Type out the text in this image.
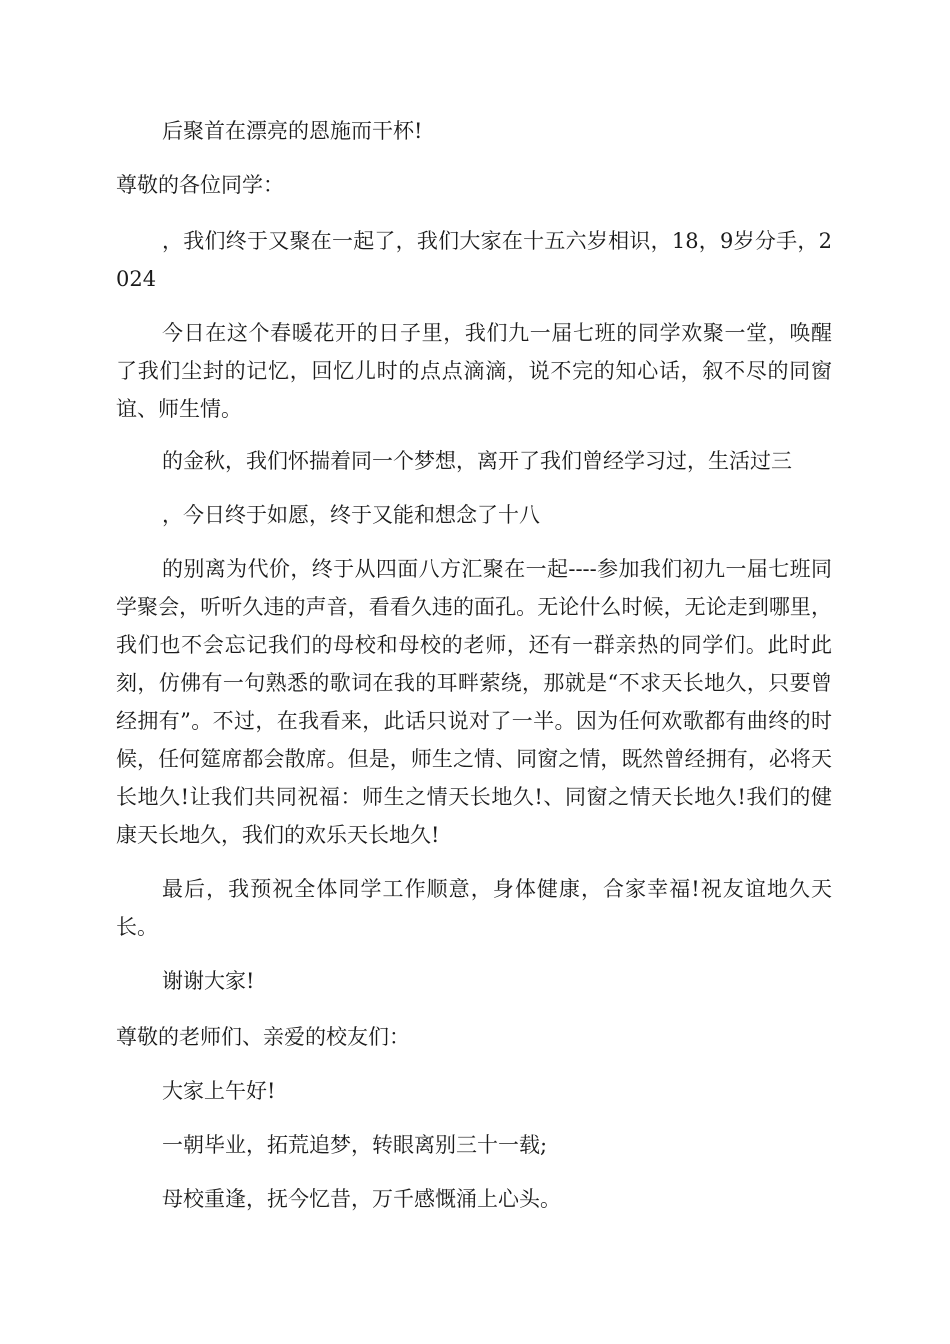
后聚首在漂亮的恩施而干杯!

尊敬的各位同学：

，我们终于又聚在一起了，我们大家在十五六岁相识，18，9岁分手，2024

今日在这个春暖花开的日子里，我们九一届七班的同学欢聚一堂，唤醒了我们尘封的记忆，回忆儿时的点点滴滴，说不完的知心话，叙不尽的同窗谊、师生情。

的金秋，我们怀揣着同一个梦想，离开了我们曾经学习过，生活过三

，今日终于如愿，终于又能和想念了十八

的别离为代价，终于从四面八方汇聚在一起----参加我们初九一届七班同学聚会，听听久违的声音，看看久违的面孔。无论什么时候，无论走到哪里，我们也不会忘记我们的母校和母校的老师，还有一群亲热的同学们。此时此刻，仿佛有一句熟悉的歌词在我的耳畔萦绕，那就是“不求天长地久，只要曾经拥有”。不过，在我看来，此话只说对了一半。因为任何欢歌都有曲终的时候，任何筵席都会散席。但是，师生之情、同窗之情，既然曾经拥有，必将天长地久!让我们共同祝福：师生之情天长地久!、同窗之情天长地久!我们的健康天长地久，我们的欢乐天长地久!

最后，我预祝全体同学工作顺意，身体健康，合家幸福!祝友谊地久天长。

谢谢大家!

尊敬的老师们、亲爱的校友们：

大家上午好!

一朝毕业，拓荒追梦，转眼离别三十一载;

母校重逢，抚今忆昔，万千感慨涌上心头。
